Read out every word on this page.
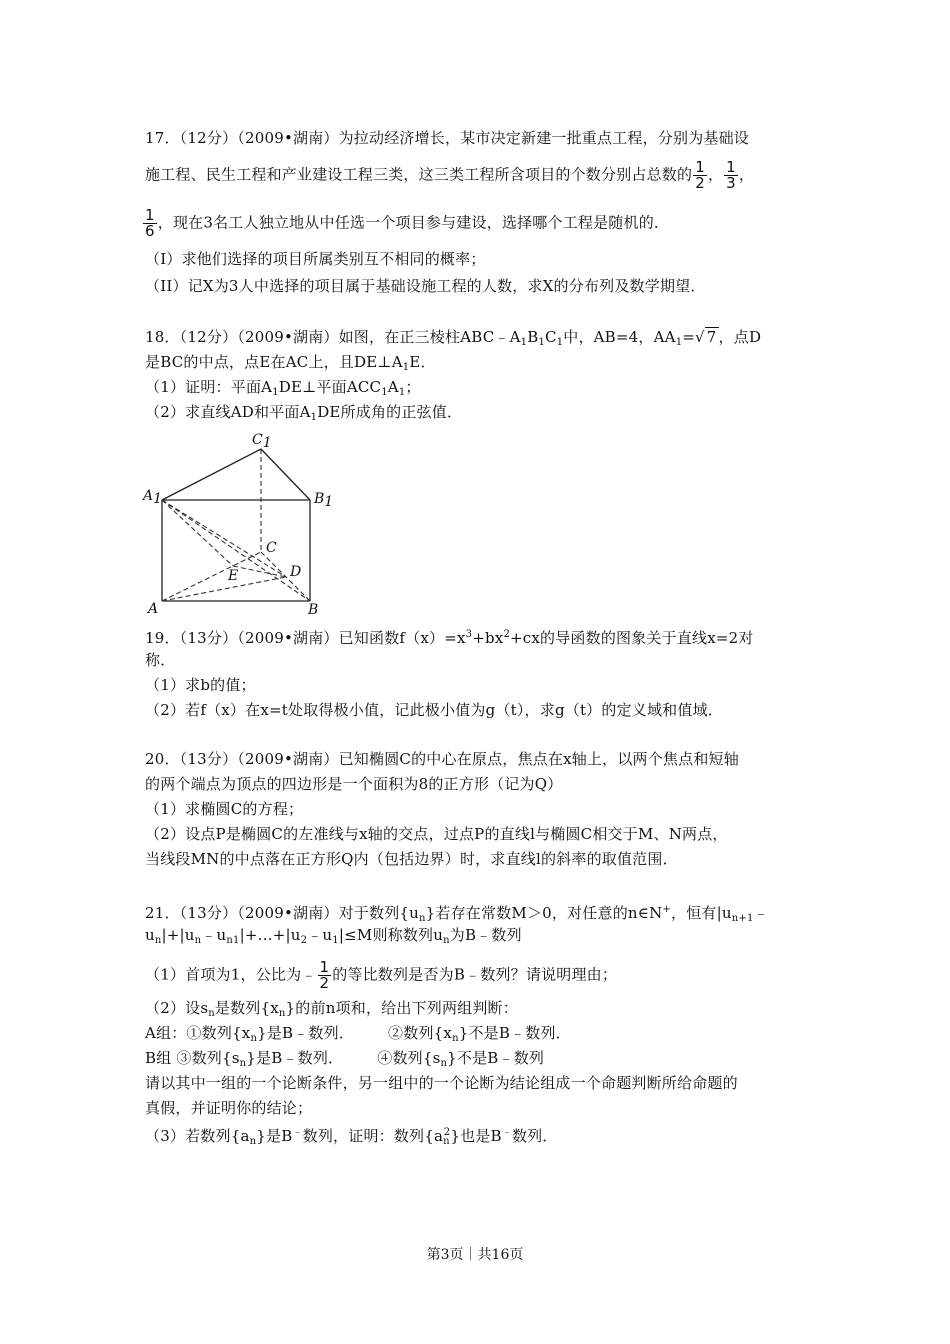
17．（12分）（2009•湖南）为拉动经济增长，某市决定新建一批重点工程，分别为基础设
施工程、民生工程和产业建设工程三类，这三类工程所含项目的个数分别占总数的 $\frac{1}{2}$ ， $\frac{1}{3}$ ，
$\frac{1}{6}$ ，现在3名工人独立地从中任选一个项目参与建设，选择哪个工程是随机的．
（I）求他们选择的项目所属类别互不相同的概率；
（II）记X为3人中选择的项目属于基础设施工程的人数，求X的分布列及数学期望．
18．（12分）（2009•湖南）如图，在正三棱柱$ABC﹣A_1B_1C_1$中，AB=4，$AA_1=√$ 7 ，点D
是BC的中点，点E在AC上，且$DE\perp A_1E$．
（1）证明：平面$A_1DE\perp$平面$ACC_1A_1$；
（2）求直线AD和平面$A_1DE$所成角的正弦值．
C1
A1	B1
C
E	D
A	B
19．（13分）（2009•湖南）已知函数$f(x)=x^3+bx^2+cx$的导函数的图象关于直线x=2对
称．
（1）求b的值；
（2）若f（x）在x=t处取得极小值，记此极小值为g（t），求g（t）的定义域和值域．
20．（13分）（2009•湖南）已知椭圆C的中心在原点，焦点在x轴上，以两个焦点和短轴
的两个端点为顶点的四边形是一个面积为8的正方形（记为Q）
（1）求椭圆C的方程；
（2）设点P是椭圆C的左准线与x轴的交点，过点P的直线l与椭圆C相交于M、N两点，
当线段MN的中点落在正方形Q内（包括边界）时，求直线l的斜率的取值范围．
21．（13分）（2009•湖南）对于数列$\{u_n\}$若存在常数M＞0，对任意的n∈N+，恒有$|u_{n+1}﹣$
$u_n|+|u_n﹣u_{n1}|+\dots+|u_2﹣u_1|\le M$则称数列$u_n$为B﹣数列
（1）首项为1，公比为﹣ $\frac{1}{2}$ 的等比数列是否为B﹣数列？请说明理由；
（2）设$s_n$是数列$\{x_n\}$的前n项和，给出下列两组判断：
A组：①数列$\{x_n\}$是B﹣数列． ②数列$\{x_n\}$不是B﹣数列．
B组 ③数列$\{s_n\}$是B﹣数列． ④数列$\{s_n\}$不是B﹣数列
请以其中一组的一个论断条件，另一组中的一个论断为结论组成一个命题判断所给命题的
真假，并证明你的结论；
（3）若数列$\{a_n\}$是B﹣数列，证明：数列$\{a_n^2\}$也是B﹣数列．
第3页｜共16页
